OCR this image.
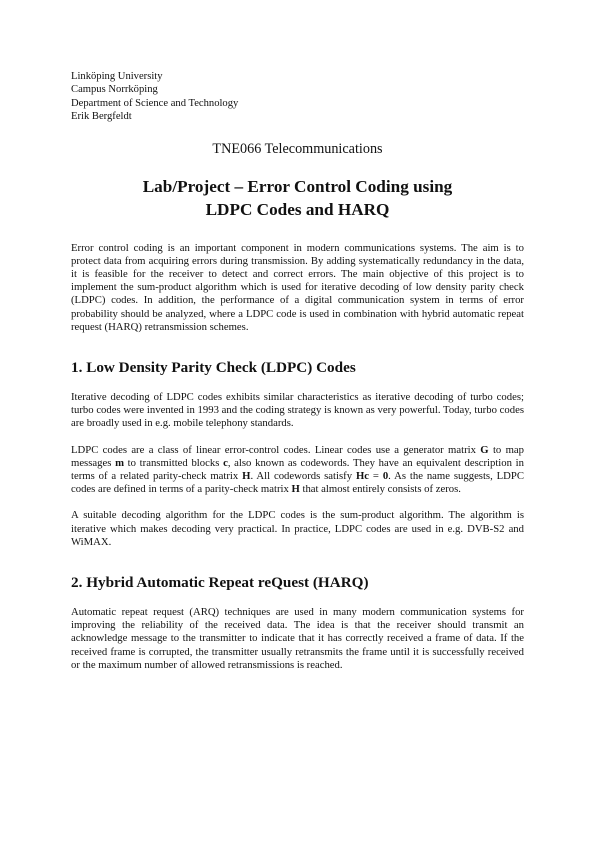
Linköping University
Campus Norrköping
Department of Science and Technology
Erik Bergfeldt
TNE066 Telecommunications
Lab/Project – Error Control Coding using
LDPC Codes and HARQ

Error control coding is an important component in modern communications systems. The aim is to protect data from acquiring errors during transmission. By adding systematically redundancy in the data, it is feasible for the receiver to detect and correct errors. The main objective of this project is to implement the sum-product algorithm which is used for iterative decoding of low density parity check (LDPC) codes. In addition, the performance of a digital communication system in terms of error probability should be analyzed, where a LDPC code is used in combination with hybrid automatic repeat request (HARQ) retransmission schemes.

1. Low Density Parity Check (LDPC) Codes

Iterative decoding of LDPC codes exhibits similar characteristics as iterative decoding of turbo codes; turbo codes were invented in 1993 and the coding strategy is known as very powerful. Today, turbo codes are broadly used in e.g. mobile telephony standards.

LDPC codes are a class of linear error-control codes. Linear codes use a generator matrix G to map messages m to transmitted blocks c, also known as codewords. They have an equivalent description in terms of a related parity-check matrix H. All codewords satisfy Hc = 0. As the name suggests, LDPC codes are defined in terms of a parity-check matrix H that almost entirely consists of zeros.

A suitable decoding algorithm for the LDPC codes is the sum-product algorithm. The algorithm is iterative which makes decoding very practical. In practice, LDPC codes are used in e.g. DVB-S2 and WiMAX.

2. Hybrid Automatic Repeat reQuest (HARQ)

Automatic repeat request (ARQ) techniques are used in many modern communication systems for improving the reliability of the received data. The idea is that the receiver should transmit an acknowledge message to the transmitter to indicate that it has correctly received a frame of data. If the received frame is corrupted, the transmitter usually retransmits the frame until it is successfully received or the maximum number of allowed retransmissions is reached.
